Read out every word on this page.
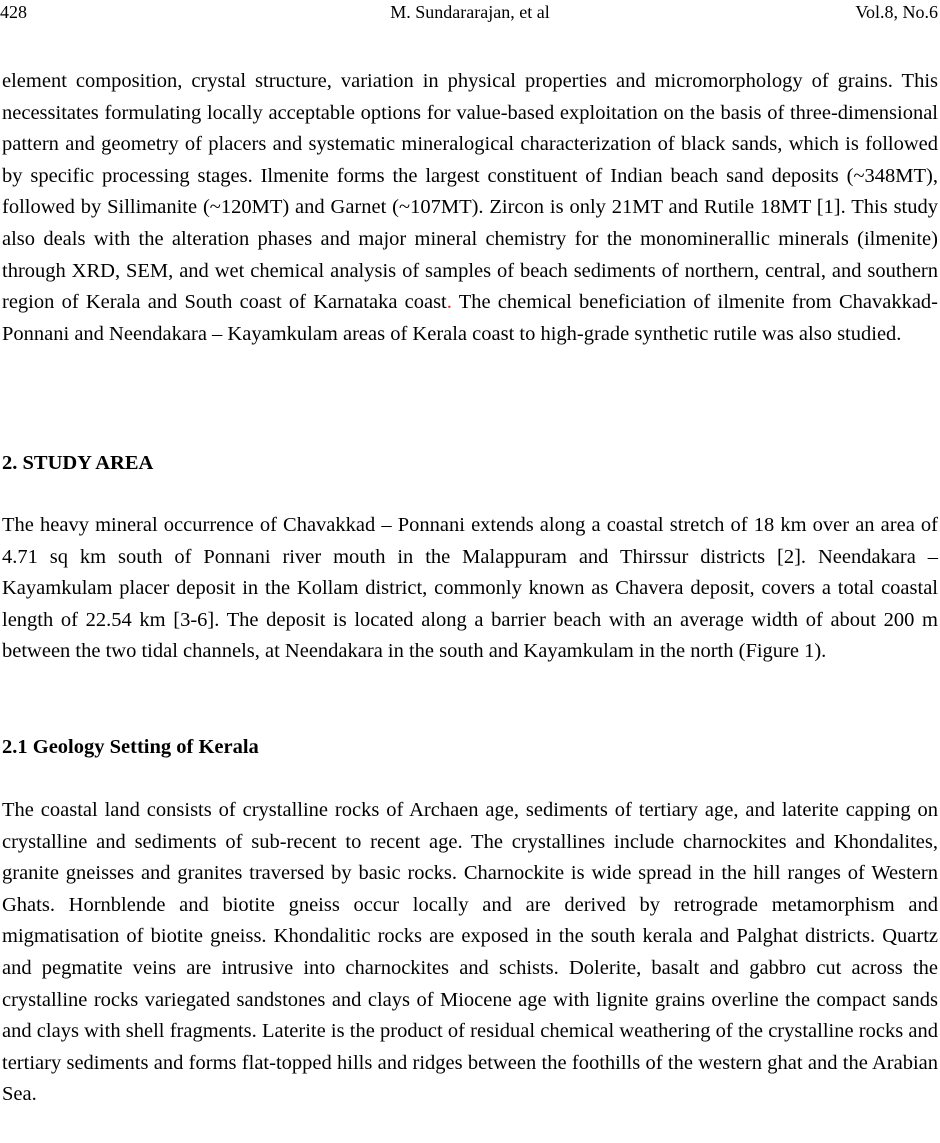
428	M. Sundararajan, et al	Vol.8, No.6

element composition, crystal structure, variation in physical properties and micromorphology of grains. This necessitates formulating locally acceptable options for value-based exploitation on the basis of three-dimensional pattern and geometry of placers and systematic mineralogical characterization of black sands, which is followed by specific processing stages. Ilmenite forms the largest constituent of Indian beach sand deposits (~348MT), followed by Sillimanite (~120MT) and Garnet (~107MT). Zircon is only 21MT and Rutile 18MT [1]. This study also deals with the alteration phases and major mineral chemistry for the monominerallic minerals (ilmenite) through XRD, SEM, and wet chemical analysis of samples of beach sediments of northern, central, and southern region of Kerala and South coast of Karnataka coast. The chemical beneficiation of ilmenite from Chavakkad- Ponnani and Neendakara – Kayamkulam areas of Kerala coast to high-grade synthetic rutile was also studied.

2. STUDY AREA

The heavy mineral occurrence of Chavakkad – Ponnani extends along a coastal stretch of 18 km over an area of 4.71 sq km south of Ponnani river mouth in the Malappuram and Thirssur districts [2]. Neendakara –Kayamkulam placer deposit in the Kollam district, commonly known as Chavera deposit, covers a total coastal length of 22.54 km [3-6]. The deposit is located along a barrier beach with an average width of about 200 m between the two tidal channels, at Neendakara in the south and Kayamkulam in the north (Figure 1).

2.1 Geology Setting of Kerala

The coastal land consists of crystalline rocks of Archaen age, sediments of tertiary age, and laterite capping on crystalline and sediments of sub-recent to recent age. The crystallines include charnockites and Khondalites, granite gneisses and granites traversed by basic rocks. Charnockite is wide spread in the hill ranges of Western Ghats. Hornblende and biotite gneiss occur locally and are derived by retrograde metamorphism and migmatisation of biotite gneiss. Khondalitic rocks are exposed in the south kerala and Palghat districts. Quartz and pegmatite veins are intrusive into charnockites and schists. Dolerite, basalt and gabbro cut across the crystalline rocks variegated sandstones and clays of Miocene age with lignite grains overline the compact sands and clays with shell fragments. Laterite is the product of residual chemical weathering of the crystalline rocks and tertiary sediments and forms flat-topped hills and ridges between the foothills of the western ghat and the Arabian Sea.
